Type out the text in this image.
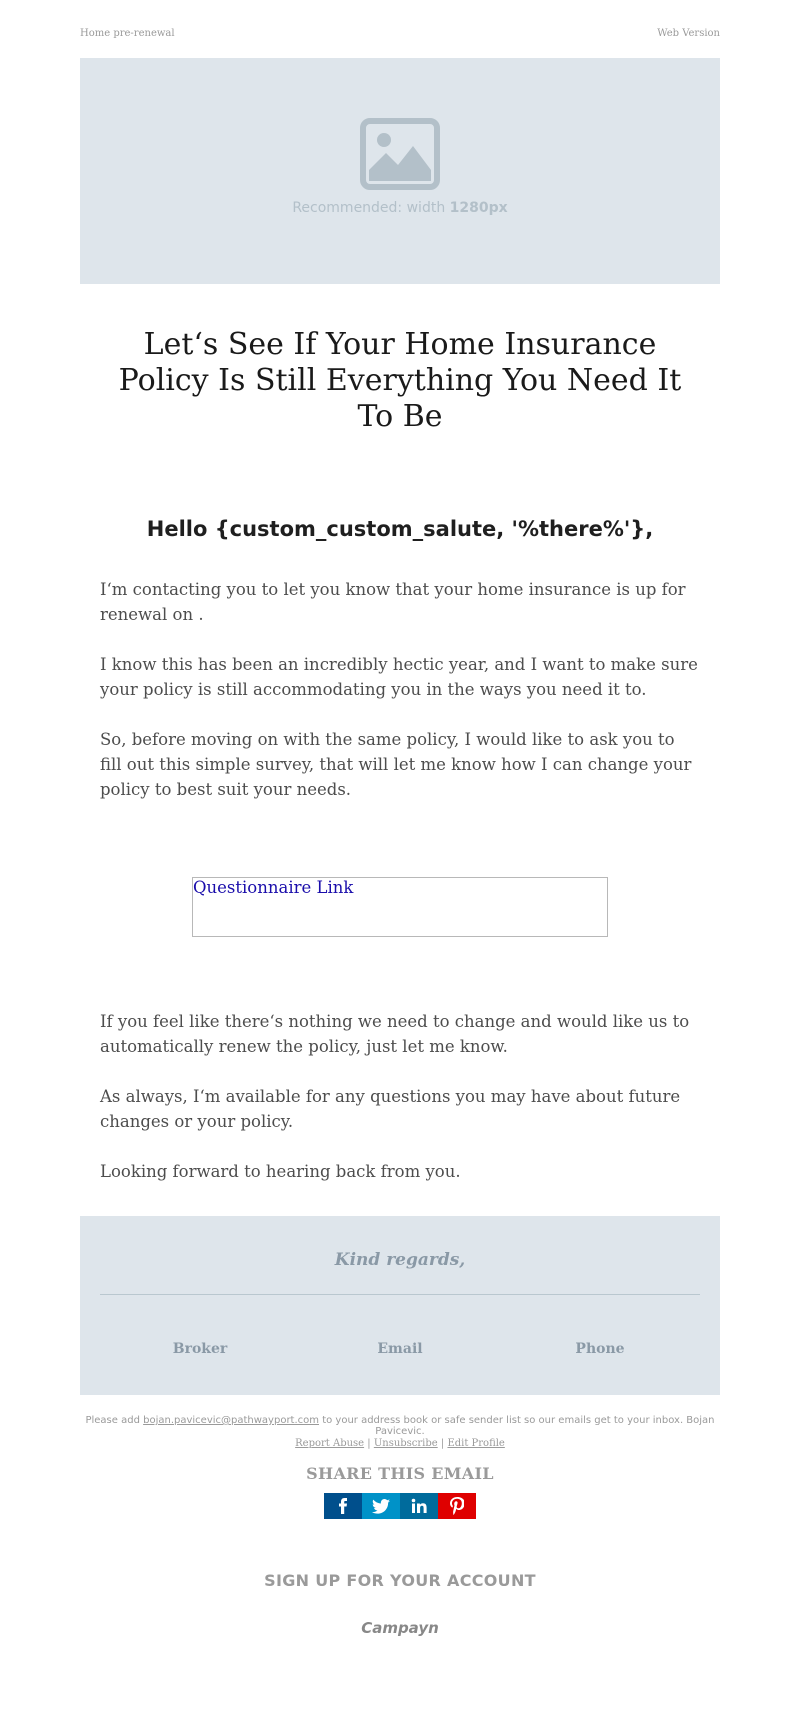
Home pre-renewal	Web Version
Recommended: width 1280px
Let‘s See If Your Home Insurance Policy Is Still Everything You Need It To Be
Hello {custom_custom_salute, '%there%'},

I‘m contacting you to let you know that your home insurance is up for renewal on .

I know this has been an incredibly hectic year, and I want to make sure your policy is still accommodating you in the ways you need it to.

So, before moving on with the same policy, I would like to ask you to fill out this simple survey, that will let me know how I can change your policy to best suit your needs.

Questionnaire Link

If you feel like there‘s nothing we need to change and would like us to automatically renew the policy, just let me know.

As always, I‘m available for any questions you may have about future changes or your policy.

Looking forward to hearing back from you.

Kind regards,
Broker	Email	Phone
Please add bojan.pavicevic@pathwayport.com to your address book or safe sender list so our emails get to your inbox. Bojan Pavicevic.
Report Abuse | Unsubscribe | Edit Profile
SHARE THIS EMAIL
SIGN UP FOR YOUR ACCOUNT
Campayn
